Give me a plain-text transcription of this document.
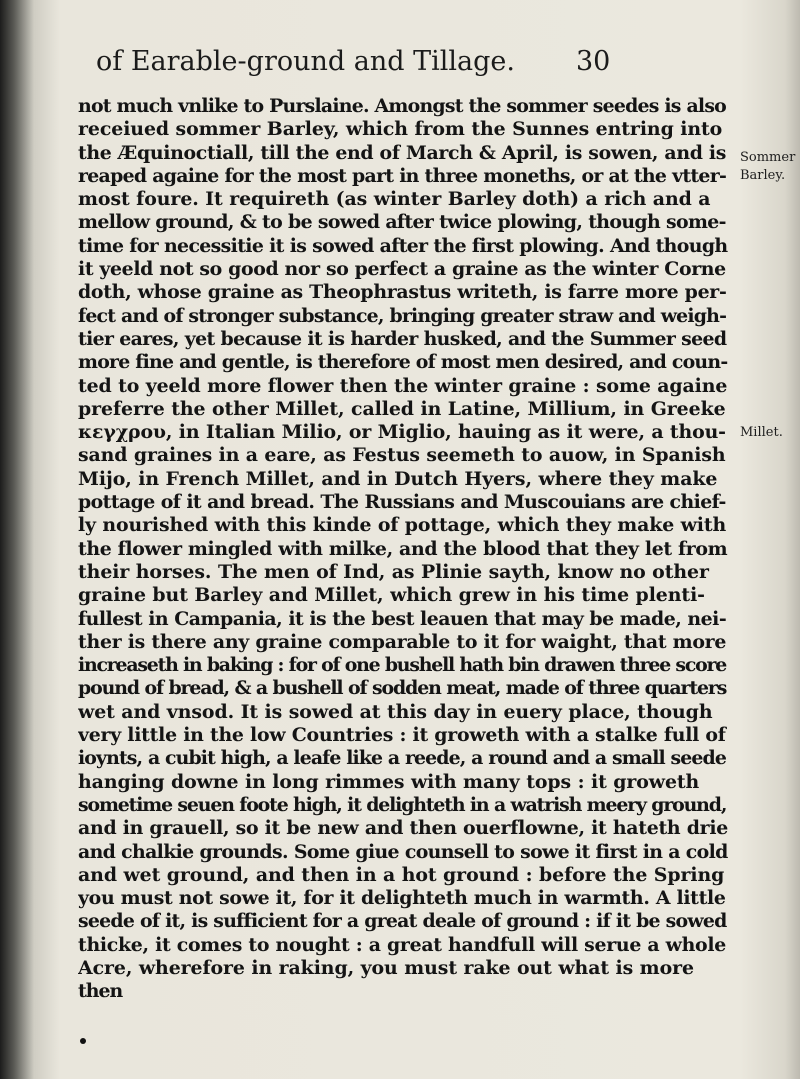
of Earable-ground and Tillage. 30
not much vnlike to Purslaine. Amongst the sommer seedes is also
receiued sommer Barley, which from the Sunnes entring into
the Æquinoctiall, till the end of March & April, is sowen, and is
reaped againe for the most part in three moneths, or at the vtter-
most foure. It requireth (as winter Barley doth) a rich and a
mellow ground, & to be sowed after twice plowing, though some-
time for necessitie it is sowed after the first plowing. And though
it yeeld not so good nor so perfect a graine as the winter Corne
doth, whose graine as Theophrastus writeth, is farre more per-
fect and of stronger substance, bringing greater straw and weigh-
tier eares, yet because it is harder husked, and the Summer seed
more fine and gentle, is therefore of most men desired, and coun-
ted to yeeld more flower then the winter graine : some againe
preferre the other Millet, called in Latine, Millium, in Greeke
κεγχρου, in Italian Milio, or Miglio, hauing as it were, a thou-
sand graines in a eare, as Festus seemeth to auow, in Spanish
Mijo, in French Millet, and in Dutch Hyers, where they make
pottage of it and bread. The Russians and Muscouians are chief-
ly nourished with this kinde of pottage, which they make with
the flower mingled with milke, and the blood that they let from
their horses. The men of Ind, as Plinie sayth, know no other
graine but Barley and Millet, which grew in his time plenti-
fullest in Campania, it is the best leauen that may be made, nei-
ther is there any graine comparable to it for waight, that more
increaseth in baking : for of one bushell hath bin drawen three score
pound of bread, & a bushell of sodden meat, made of three quarters
wet and vnsod. It is sowed at this day in euery place, though
very little in the low Countries : it groweth with a stalke full of
ioynts, a cubit high, a leafe like a reede, a round and a small seede
hanging downe in long rimmes with many tops : it groweth
sometime seuen foote high, it delighteth in a watrish meery ground,
and in grauell, so it be new and then ouerflowne, it hateth drie
and chalkie grounds. Some giue counsell to sowe it first in a cold
and wet ground, and then in a hot ground : before the Spring
you must not sowe it, for it delighteth much in warmth. A little
seede of it, is sufficient for a great deale of ground : if it be sowed
thicke, it comes to nought : a great handfull will serue a whole
Acre, wherefore in raking, you must rake out what is more
then
Sommer
Barley.
Millet.
